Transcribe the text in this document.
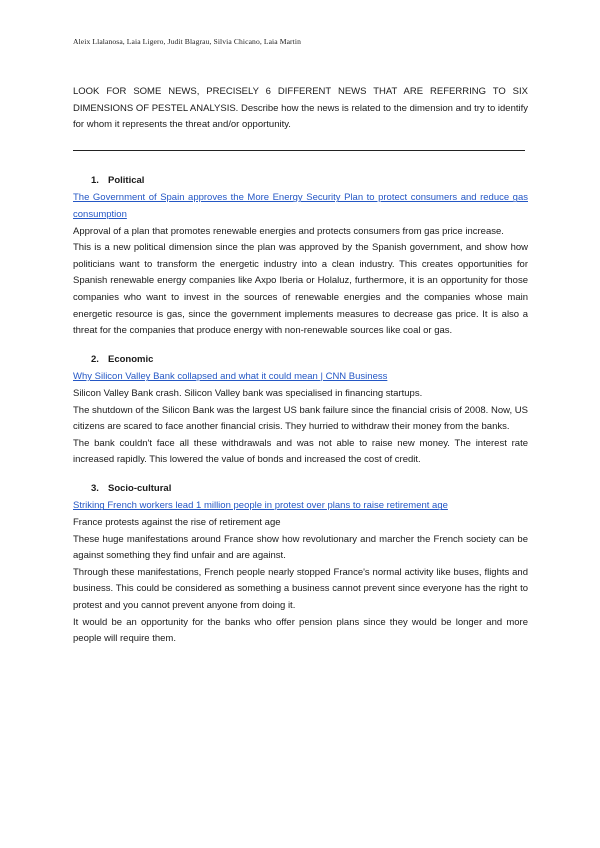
Aleix Llalanosa, Laia Ligero, Judit Blagrau, Silvia Chicano, Laia Martin

LOOK FOR SOME NEWS, PRECISELY 6 DIFFERENT NEWS THAT ARE REFERRING TO SIX DIMENSIONS OF PESTEL ANALYSIS. Describe how the news is related to the dimension and try to identify for whom it represents the threat and/or opportunity.

1. Political

The Government of Spain approves the More Energy Security Plan to protect consumers and reduce gas consumption

Approval of a plan that promotes renewable energies and protects consumers from gas price increase.

This is a new political dimension since the plan was approved by the Spanish government, and show how politicians want to transform the energetic industry into a clean industry. This creates opportunities for Spanish renewable energy companies like Axpo Iberia or Holaluz, furthermore, it is an opportunity for those companies who want to invest in the sources of renewable energies and the companies whose main energetic resource is gas, since the government implements measures to decrease gas price. It is also a threat for the companies that produce energy with non-renewable sources like coal or gas.

2. Economic

Why Silicon Valley Bank collapsed and what it could mean | CNN Business

Silicon Valley Bank crash. Silicon Valley bank was specialised in financing startups.

The shutdown of the Silicon Bank was the largest US bank failure since the financial crisis of 2008. Now, US citizens are scared to face another financial crisis. They hurried to withdraw their money from the banks.

The bank couldn't face all these withdrawals and was not able to raise new money. The interest rate increased rapidly. This lowered the value of bonds and increased the cost of credit.

3. Socio-cultural

Striking French workers lead 1 million people in protest over plans to raise retirement age

France protests against the rise of retirement age

These huge manifestations around France show how revolutionary and marcher the French society can be against something they find unfair and are against.

Through these manifestations, French people nearly stopped France's normal activity like buses, flights and business. This could be considered as something a business cannot prevent since everyone has the right to protest and you cannot prevent anyone from doing it.

It would be an opportunity for the banks who offer pension plans since they would be longer and more people will require them.
